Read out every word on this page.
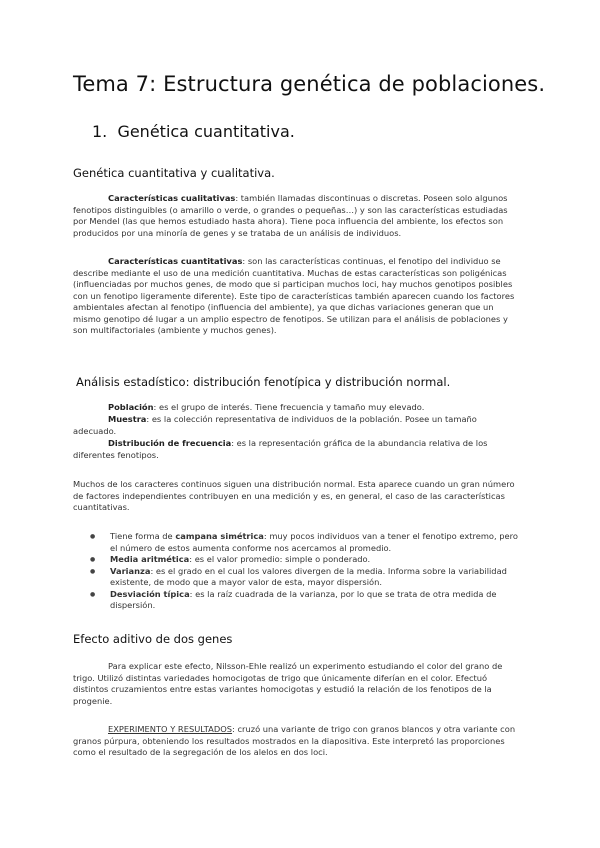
Tema 7: Estructura genética de poblaciones.
1. Genética cuantitativa.
Genética cuantitativa y cualitativa.

Características cualitativas: también llamadas discontinuas o discretas. Poseen solo algunos fenotipos distinguibles (o amarillo o verde, o grandes o pequeñas…) y son las características estudiadas por Mendel (las que hemos estudiado hasta ahora). Tiene poca influencia del ambiente, los efectos son producidos por una minoría de genes y se trataba de un análisis de individuos.

Características cuantitativas: son las características continuas, el fenotipo del individuo se describe mediante el uso de una medición cuantitativa. Muchas de estas características son poligénicas (influenciadas por muchos genes, de modo que si participan muchos loci, hay muchos genotipos posibles con un fenotipo ligeramente diferente). Este tipo de características también aparecen cuando los factores ambientales afectan al fenotipo (influencia del ambiente), ya que dichas variaciones generan que un mismo genotipo dé lugar a un amplio espectro de fenotipos. Se utilizan para el análisis de poblaciones y son multifactoriales (ambiente y muchos genes).

Análisis estadístico: distribución fenotípica y distribución normal.

Población: es el grupo de interés. Tiene frecuencia y tamaño muy elevado.

Muestra: es la colección representativa de individuos de la población. Posee un tamaño adecuado.

Distribución de frecuencia: es la representación gráfica de la abundancia relativa de los diferentes fenotipos.

Muchos de los caracteres continuos siguen una distribución normal. Esta aparece cuando un gran número de factores independientes contribuyen en una medición y es, en general, el caso de las características cuantitativas.

● Tiene forma de campana simétrica: muy pocos individuos van a tener el fenotipo extremo, pero el número de estos aumenta conforme nos acercamos al promedio.
● Media aritmética: es el valor promedio: simple o ponderado.
● Varianza: es el grado en el cual los valores divergen de la media. Informa sobre la variabilidad existente, de modo que a mayor valor de esta, mayor dispersión.
● Desviación típica: es la raíz cuadrada de la varianza, por lo que se trata de otra medida de dispersión.
Efecto aditivo de dos genes

Para explicar este efecto, Nilsson-Ehle realizó un experimento estudiando el color del grano de trigo. Utilizó distintas variedades homocigotas de trigo que únicamente diferían en el color. Efectuó distintos cruzamientos entre estas variantes homocigotas y estudió la relación de los fenotipos de la progenie.

EXPERIMENTO Y RESULTADOS: cruzó una variante de trigo con granos blancos y otra variante con granos púrpura, obteniendo los resultados mostrados en la diapositiva. Este interpretó las proporciones como el resultado de la segregación de los alelos en dos loci.
